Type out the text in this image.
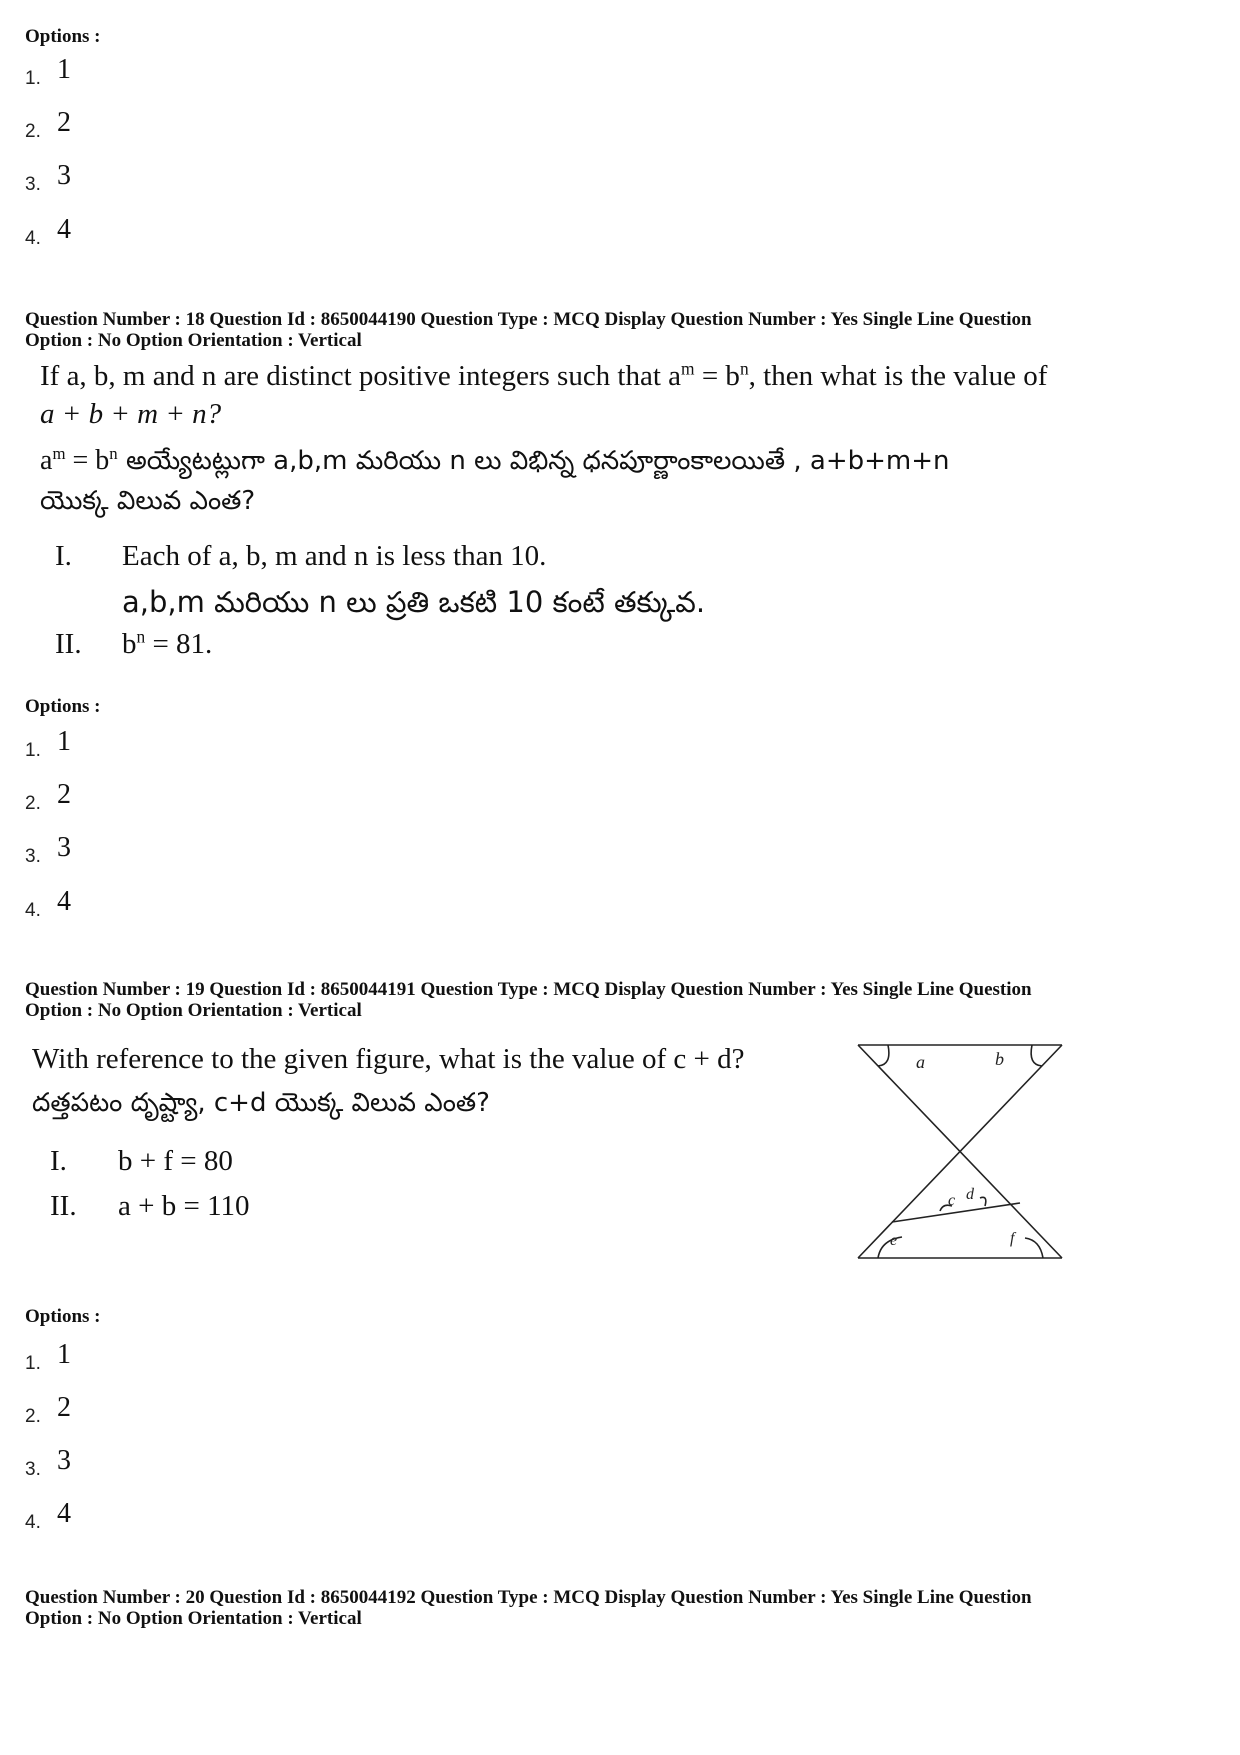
Options :
1. 1
2. 2
3. 3
4. 4
Question Number : 18 Question Id : 8650044190 Question Type : MCQ Display Question Number : Yes Single Line Question
Option : No Option Orientation : Vertical
If a, b, m and n are distinct positive integers such that $a^m = b^n$, then what is the value of
a + b + m + n?
$a^m = b^n$ అయ్యేటట్లుగా a,b,m మరియు n లు విభిన్న ధనపూర్ణాంకాలయితే , a+b+m+n
యొక్క విలువ ఎంత?
I. Each of a, b, m and n is less than 10.
a,b,m మరియు n లు ప్రతి ఒకటి 10 కంటే తక్కువ.
II. $b^n = 81$.
Options :
1. 1
2. 2
3. 3
4. 4
Question Number : 19 Question Id : 8650044191 Question Type : MCQ Display Question Number : Yes Single Line Question
Option : No Option Orientation : Vertical
With reference to the given figure, what is the value of c + d?
దత్తపటం దృష్ట్యా, c+d యొక్క విలువ ఎంత?
I. b + f = 80
II. a + b = 110
a	b
c d
e	f
Options :
1. 1
2. 2
3. 3
4. 4
Question Number : 20 Question Id : 8650044192 Question Type : MCQ Display Question Number : Yes Single Line Question
Option : No Option Orientation : Vertical
